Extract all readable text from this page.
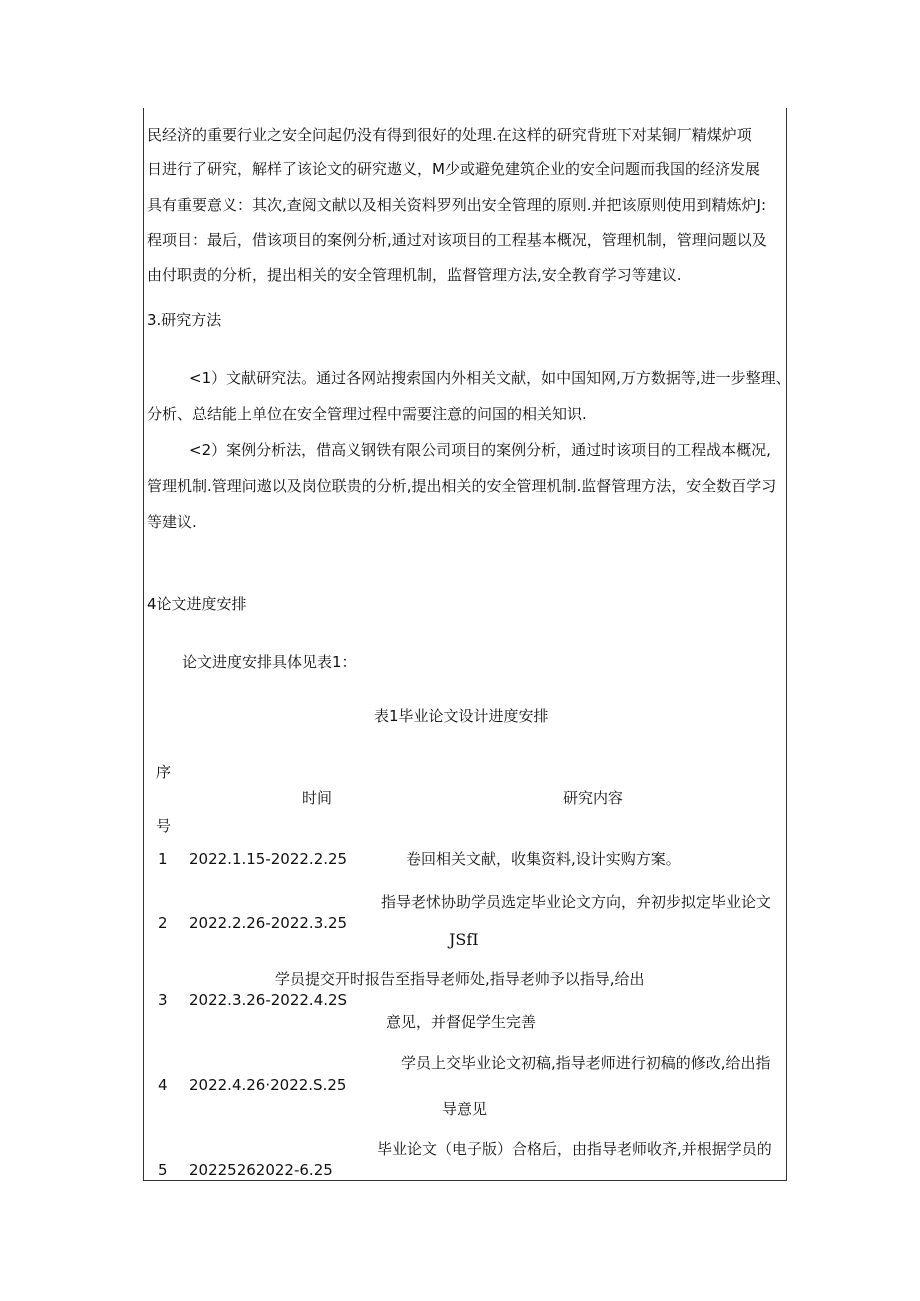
民经济的重要行业之安全问起仍没有得到很好的处理.在这样的研究背班下对某铜厂精煤炉项
日进行了研究，解样了该论文的研究遨义，M少或避免建筑企业的安全问题而我国的经济发展
具有重要意义：其次,查阅文献以及相关资料罗列出安全管理的原则.并把该原则使用到精炼炉J:
程项目：最后，借该项目的案例分析,通过对该项目的工程基本概况，管理机制，管理问题以及
由付职责的分析，提出相关的安全管理机制，监督管理方法,安全教育学习等建议.
3.研究方法
<1）文献研究法。通过各网站搜索国内外相关文献，如中国知网,万方数据等,进一步整理、
分析、总结能上单位在安全管理过程中需要注意的问国的相关知识.
<2）案例分析法，借高义钢铁有限公司项目的案例分析，通过时该项目的工程战本概况,
管理机制.管理问遨以及岗位联贵的分析,提出相关的安全管理机制.监督管理方法，安全数百学习
等建议.
4论文进度安排
论文进度安排具体见表1：
表1毕业论文设计进度安排
序
号
时间	研究内容
1 2022.1.15-2022.2.25	卷回相关文献，收集资料,设计实购方案。
指导老怵协助学员选定毕业论文方向，弁初步拟定毕业论文
2 2022.2.26-2022.3.25
JSfI
学员提交开时报告至指导老师处,指导老帅予以指导,给出
3 2022.3.26-2022.4.2S
意见，并督促学生完善
学员上交毕业论文初稿,指导老师进行初稿的修改,给出指
4 2022.4.26·2022.S.25
导意见
毕业论文（电子版）合格后，由指导老师收齐,并根据学员的
5 20225262022-6.25
